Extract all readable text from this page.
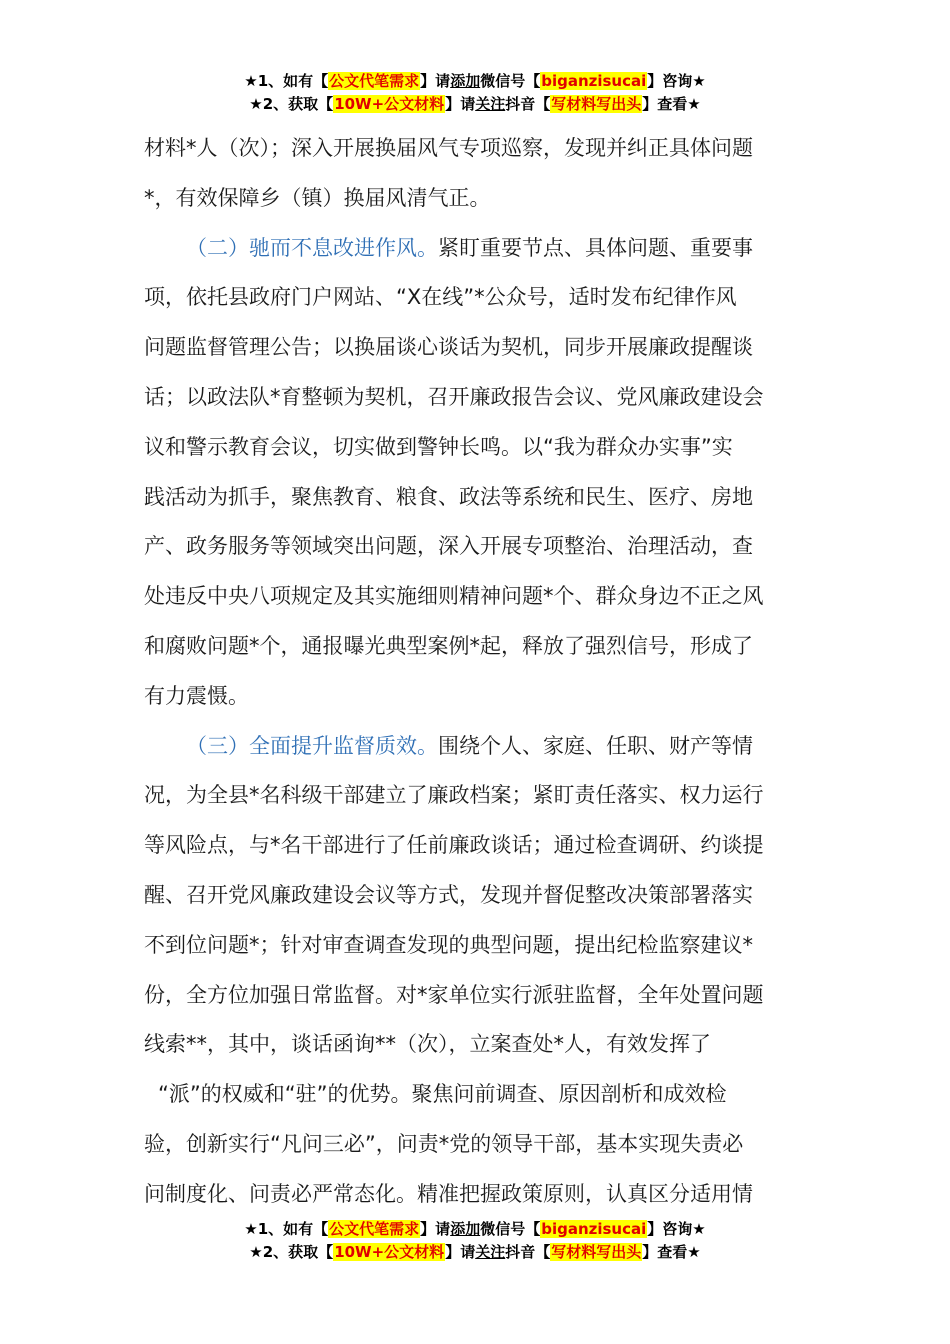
★1、如有【公文代笔需求】请添加微信号【biganzisucai】咨询★
★2、获取【10W+公文材料】请关注抖音【写材料写出头】查看★
材料*人（次）；深入开展换届风气专项巡察，发现并纠正具体问题
*，有效保障乡（镇）换届风清气正。
（二）驰而不息改进作风。紧盯重要节点、具体问题、重要事
项，依托县政府门户网站、“X在线”*公众号，适时发布纪律作风
问题监督管理公告；以换届谈心谈话为契机，同步开展廉政提醒谈
话；以政法队*育整顿为契机，召开廉政报告会议、党风廉政建设会
议和警示教育会议，切实做到警钟长鸣。以“我为群众办实事”实
践活动为抓手，聚焦教育、粮食、政法等系统和民生、医疗、房地
产、政务服务等领域突出问题，深入开展专项整治、治理活动，查
处违反中央八项规定及其实施细则精神问题*个、群众身边不正之风
和腐败问题*个，通报曝光典型案例*起，释放了强烈信号，形成了
有力震慑。
（三）全面提升监督质效。围绕个人、家庭、任职、财产等情
况，为全县*名科级干部建立了廉政档案；紧盯责任落实、权力运行
等风险点，与*名干部进行了任前廉政谈话；通过检查调研、约谈提
醒、召开党风廉政建设会议等方式，发现并督促整改决策部署落实
不到位问题*；针对审查调查发现的典型问题，提出纪检监察建议*
份，全方位加强日常监督。对*家单位实行派驻监督，全年处置问题
线索**，其中，谈话函询**（次），立案查处*人，有效发挥了
“派”的权威和“驻”的优势。聚焦问前调查、原因剖析和成效检
验，创新实行“凡问三必”，问责*党的领导干部，基本实现失责必
问制度化、问责必严常态化。精准把握政策原则，认真区分适用情
★1、如有【公文代笔需求】请添加微信号【biganzisucai】咨询★
★2、获取【10W+公文材料】请关注抖音【写材料写出头】查看★
